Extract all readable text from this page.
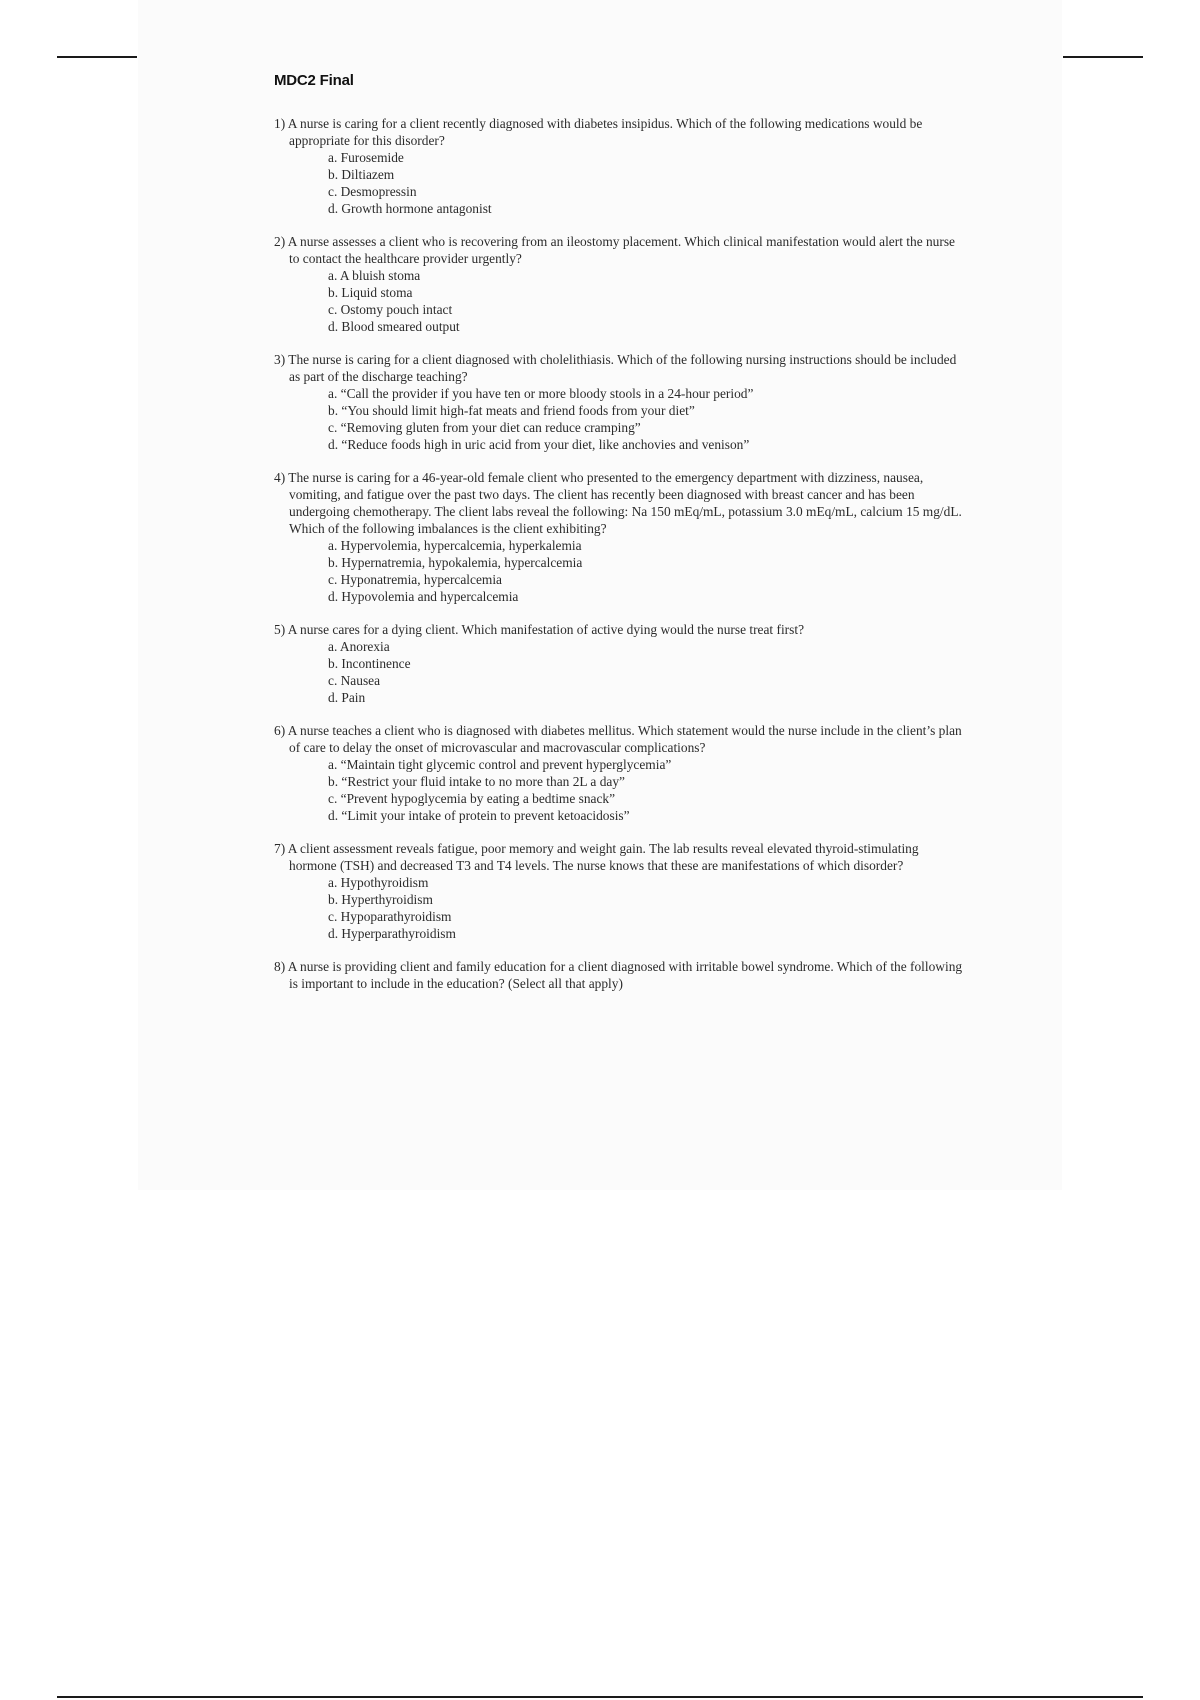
MDC2 Final
1) A nurse is caring for a client recently diagnosed with diabetes insipidus. Which of the following medications would be appropriate for this disorder?
a. Furosemide
b. Diltiazem
c. Desmopressin
d. Growth hormone antagonist
2) A nurse assesses a client who is recovering from an ileostomy placement. Which clinical manifestation would alert the nurse to contact the healthcare provider urgently?
a. A bluish stoma
b. Liquid stoma
c. Ostomy pouch intact
d. Blood smeared output
3) The nurse is caring for a client diagnosed with cholelithiasis. Which of the following nursing instructions should be included as part of the discharge teaching?
a. “Call the provider if you have ten or more bloody stools in a 24-hour period”
b. “You should limit high-fat meats and friend foods from your diet”
c. “Removing gluten from your diet can reduce cramping”
d. “Reduce foods high in uric acid from your diet, like anchovies and venison”
4) The nurse is caring for a 46-year-old female client who presented to the emergency department with dizziness, nausea, vomiting, and fatigue over the past two days. The client has recently been diagnosed with breast cancer and has been undergoing chemotherapy. The client labs reveal the following: Na 150 mEq/mL, potassium 3.0 mEq/mL, calcium 15 mg/dL. Which of the following imbalances is the client exhibiting?
a. Hypervolemia, hypercalcemia, hyperkalemia
b. Hypernatremia, hypokalemia, hypercalcemia
c. Hyponatremia, hypercalcemia
d. Hypovolemia and hypercalcemia
5) A nurse cares for a dying client. Which manifestation of active dying would the nurse treat first?
a. Anorexia
b. Incontinence
c. Nausea
d. Pain
6) A nurse teaches a client who is diagnosed with diabetes mellitus. Which statement would the nurse include in the client’s plan of care to delay the onset of microvascular and macrovascular complications?
a. “Maintain tight glycemic control and prevent hyperglycemia”
b. “Restrict your fluid intake to no more than 2L a day”
c. “Prevent hypoglycemia by eating a bedtime snack”
d. “Limit your intake of protein to prevent ketoacidosis”
7) A client assessment reveals fatigue, poor memory and weight gain. The lab results reveal elevated thyroid-stimulating hormone (TSH) and decreased T3 and T4 levels. The nurse knows that these are manifestations of which disorder?
a. Hypothyroidism
b. Hyperthyroidism
c. Hypoparathyroidism
d. Hyperparathyroidism
8) A nurse is providing client and family education for a client diagnosed with irritable bowel syndrome. Which of the following is important to include in the education? (Select all that apply)
